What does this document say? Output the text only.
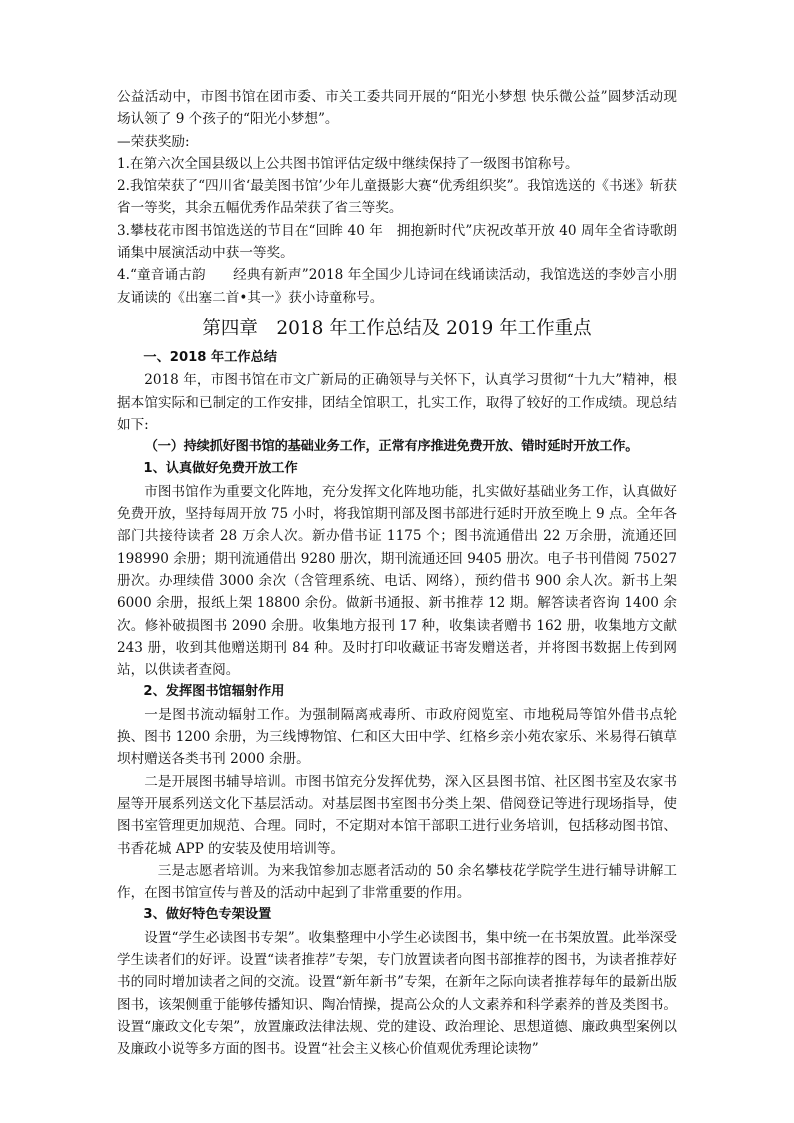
公益活动中，市图书馆在团市委、市关工委共同开展的“阳光小梦想 快乐微公益”圆梦活动现场认领了 9 个孩子的“阳光小梦想”。

—荣获奖励:

1.在第六次全国县级以上公共图书馆评估定级中继续保持了一级图书馆称号。

2.我馆荣获了“四川省‘最美图书馆’少年儿童摄影大赛“优秀组织奖”。我馆选送的《书迷》斩获省一等奖，其余五幅优秀作品荣获了省三等奖。

3.攀枝花市图书馆选送的节目在“回眸 40 年　拥抱新时代”庆祝改革开放 40 周年全省诗歌朗诵集中展演活动中获一等奖。

4.“童音诵古韵　　经典有新声”2018 年全国少儿诗词在线诵读活动，我馆选送的李妙言小朋友诵读的《出塞二首•其一》获小诗童称号。

第四章　2018 年工作总结及 2019 年工作重点

一、2018 年工作总结

2018 年，市图书馆在市文广新局的正确领导与关怀下，认真学习贯彻“十九大”精神，根据本馆实际和已制定的工作安排，团结全馆职工，扎实工作，取得了较好的工作成绩。现总结如下:

（一）持续抓好图书馆的基础业务工作，正常有序推进免费开放、错时延时开放工作。

1、认真做好免费开放工作

市图书馆作为重要文化阵地，充分发挥文化阵地功能，扎实做好基础业务工作，认真做好免费开放，坚持每周开放 75 小时，将我馆期刊部及图书部进行延时开放至晚上 9 点。全年各部门共接待读者 28 万余人次。新办借书证 1175 个；图书流通借出 22 万余册，流通还回 198990 余册；期刊流通借出 9280 册次，期刊流通还回 9405 册次。电子书刊借阅 75027 册次。办理续借 3000 余次（含管理系统、电话、网络），预约借书 900 余人次。新书上架 6000 余册，报纸上架 18800 余份。做新书通报、新书推荐 12 期。解答读者咨询 1400 余次。修补破损图书 2090 余册。收集地方报刊 17 种，收集读者赠书 162 册，收集地方文献 243 册，收到其他赠送期刊 84 种。及时打印收藏证书寄发赠送者，并将图书数据上传到网站，以供读者查阅。

2、发挥图书馆辐射作用

一是图书流动辐射工作。为强制隔离戒毒所、市政府阅览室、市地税局等馆外借书点轮换、图书 1200 余册，为三线博物馆、仁和区大田中学、红格乡亲小苑农家乐、米易得石镇草坝村赠送各类书刊 2000 余册。

二是开展图书辅导培训。市图书馆充分发挥优势，深入区县图书馆、社区图书室及农家书屋等开展系列送文化下基层活动。对基层图书室图书分类上架、借阅登记等进行现场指导，使图书室管理更加规范、合理。同时，不定期对本馆干部职工进行业务培训，包括移动图书馆、书香花城 APP 的安装及使用培训等。

三是志愿者培训。为来我馆参加志愿者活动的 50 余名攀枝花学院学生进行辅导讲解工作，在图书馆宣传与普及的活动中起到了非常重要的作用。

3、做好特色专架设置

设置“学生必读图书专架”。收集整理中小学生必读图书，集中统一在书架放置。此举深受学生读者们的好评。设置“读者推荐”专架，专门放置读者向图书部推荐的图书，为读者推荐好书的同时增加读者之间的交流。设置“新年新书”专架，在新年之际向读者推荐每年的最新出版图书，该架侧重于能够传播知识、陶冶情操，提高公众的人文素养和科学素养的普及类图书。设置“廉政文化专架”，放置廉政法律法规、党的建设、政治理论、思想道德、廉政典型案例以及廉政小说等多方面的图书。设置“社会主义核心价值观优秀理论读物”
